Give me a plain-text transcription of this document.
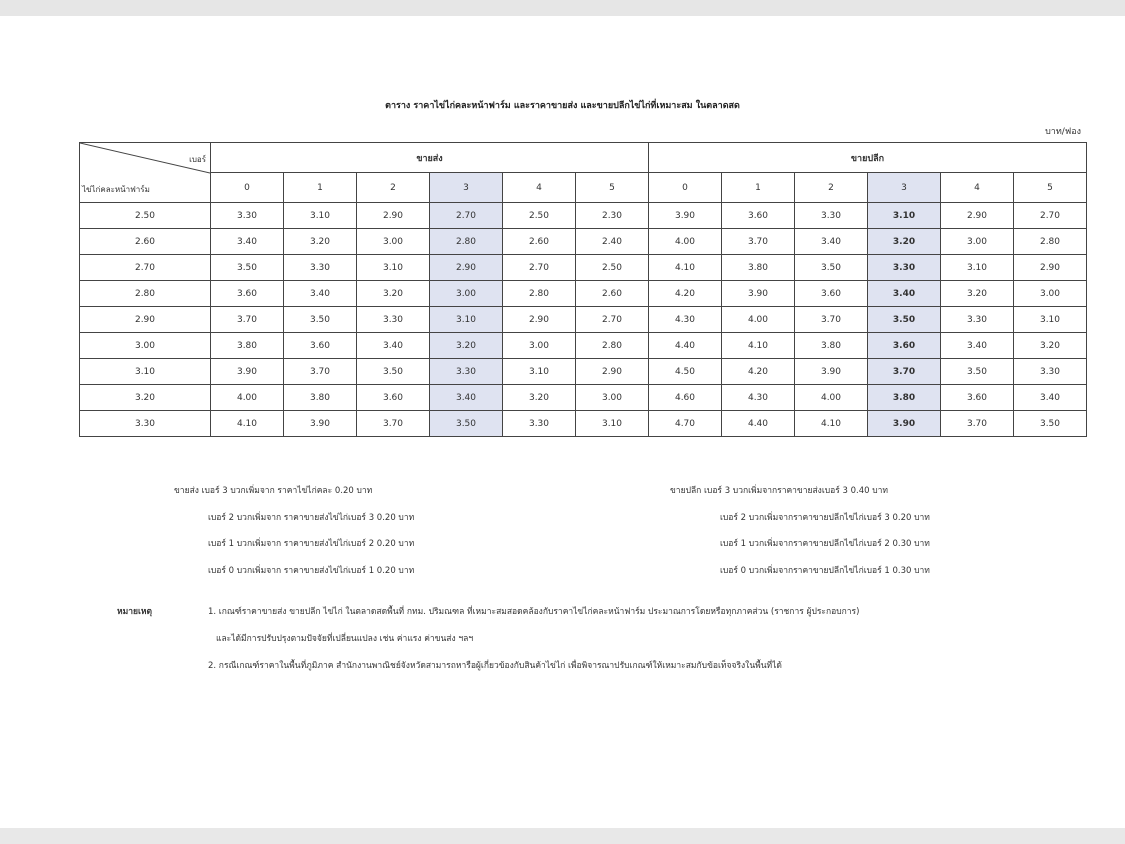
ตาราง ราคาไข่ไก่คละหน้าฟาร์ม และราคาขายส่ง และขายปลีกไข่ไก่ที่เหมาะสม ในตลาดสด
บาท/ฟอง
เบอร์
ไข่ไก่คละหน้าฟาร์ม	ขายส่ง						ขายปลีก					
	0	1	2	3	4	5	0	1	2	3	4	5
2.50	3.30	3.10	2.90	2.70	2.50	2.30	3.90	3.60	3.30	3.10	2.90	2.70
2.60	3.40	3.20	3.00	2.80	2.60	2.40	4.00	3.70	3.40	3.20	3.00	2.80
2.70	3.50	3.30	3.10	2.90	2.70	2.50	4.10	3.80	3.50	3.30	3.10	2.90
2.80	3.60	3.40	3.20	3.00	2.80	2.60	4.20	3.90	3.60	3.40	3.20	3.00
2.90	3.70	3.50	3.30	3.10	2.90	2.70	4.30	4.00	3.70	3.50	3.30	3.10
3.00	3.80	3.60	3.40	3.20	3.00	2.80	4.40	4.10	3.80	3.60	3.40	3.20
3.10	3.90	3.70	3.50	3.30	3.10	2.90	4.50	4.20	3.90	3.70	3.50	3.30
3.20	4.00	3.80	3.60	3.40	3.20	3.00	4.60	4.30	4.00	3.80	3.60	3.40
3.30	4.10	3.90	3.70	3.50	3.30	3.10	4.70	4.40	4.10	3.90	3.70	3.50
ขายส่ง เบอร์ 3 บวกเพิ่มจาก ราคาไข่ไก่คละ 0.20 บาท
เบอร์ 2 บวกเพิ่มจาก ราคาขายส่งไข่ไก่เบอร์ 3 0.20 บาท
เบอร์ 1 บวกเพิ่มจาก ราคาขายส่งไข่ไก่เบอร์ 2 0.20 บาท
เบอร์ 0 บวกเพิ่มจาก ราคาขายส่งไข่ไก่เบอร์ 1 0.20 บาท
ขายปลีก เบอร์ 3 บวกเพิ่มจากราคาขายส่งเบอร์ 3 0.40 บาท
เบอร์ 2 บวกเพิ่มจากราคาขายปลีกไข่ไก่เบอร์ 3 0.20 บาท
เบอร์ 1 บวกเพิ่มจากราคาขายปลีกไข่ไก่เบอร์ 2 0.30 บาท
เบอร์ 0 บวกเพิ่มจากราคาขายปลีกไข่ไก่เบอร์ 1 0.30 บาท
หมายเหตุ	1. เกณฑ์ราคาขายส่ง ขายปลีก ไข่ไก่ ในตลาดสดพื้นที่ กทม. ปริมณฑล ที่เหมาะสมสอดคล้องกับราคาไข่ไก่คละหน้าฟาร์ม ประมาณการโดยหรือทุกภาคส่วน (ราชการ ผู้ประกอบการ)
และได้มีการปรับปรุงตามปัจจัยที่เปลี่ยนแปลง เช่น ค่าแรง ค่าขนส่ง ฯลฯ
2. กรณีเกณฑ์ราคาในพื้นที่ภูมิภาค สำนักงานพาณิชย์จังหวัดสามารถหารือผู้เกี่ยวข้องกับสินค้าไข่ไก่ เพื่อพิจารณาปรับเกณฑ์ให้เหมาะสมกับข้อเท็จจริงในพื้นที่ได้
